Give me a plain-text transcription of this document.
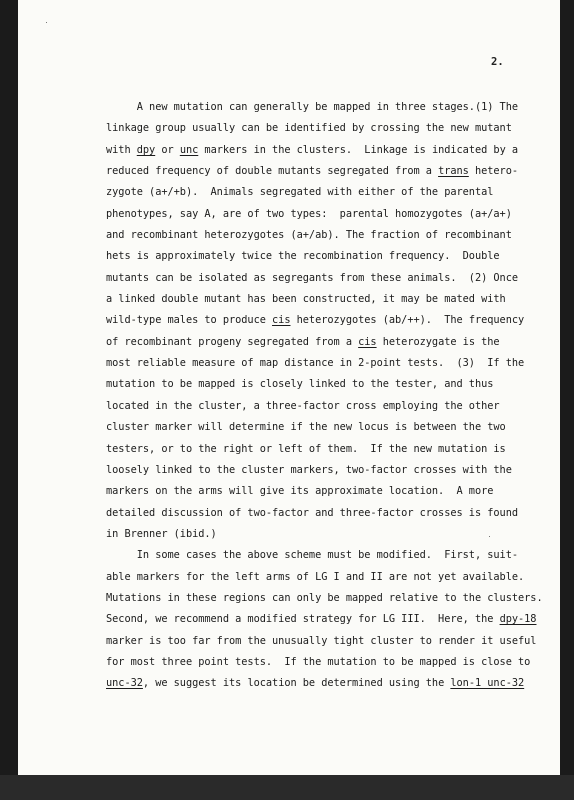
2.
A new mutation can generally be mapped in three stages.(1) The
linkage group usually can be identified by crossing the new mutant
with dpy or unc markers in the clusters.  Linkage is indicated by a
reduced frequency of double mutants segregated from a trans hetero-
zygote (a+/+b).  Animals segregated with either of the parental
phenotypes, say A, are of two types:  parental homozygotes (a+/a+)
and recombinant heterozygotes (a+/ab). The fraction of recombinant
hets is approximately twice the recombination frequency.  Double
mutants can be isolated as segregants from these animals.  (2) Once
a linked double mutant has been constructed, it may be mated with
wild-type males to produce cis heterozygotes (ab/++).  The frequency
of recombinant progeny segregated from a cis heterozygate is the
most reliable measure of map distance in 2-point tests.  (3)  If the
mutation to be mapped is closely linked to the tester, and thus
located in the cluster, a three-factor cross employing the other
cluster marker will determine if the new locus is between the two
testers, or to the right or left of them.  If the new mutation is
loosely linked to the cluster markers, two-factor crosses with the
markers on the arms will give its approximate location.  A more
detailed discussion of two-factor and three-factor crosses is found
in Brenner (ibid.)
In some cases the above scheme must be modified.  First, suit-
able markers for the left arms of LG I and II are not yet available.
Mutations in these regions can only be mapped relative to the clusters.
Second, we recommend a modified strategy for LG III.  Here, the dpy-18
marker is too far from the unusually tight cluster to render it useful
for most three point tests.  If the mutation to be mapped is close to
unc-32, we suggest its location be determined using the lon-1 unc-32
